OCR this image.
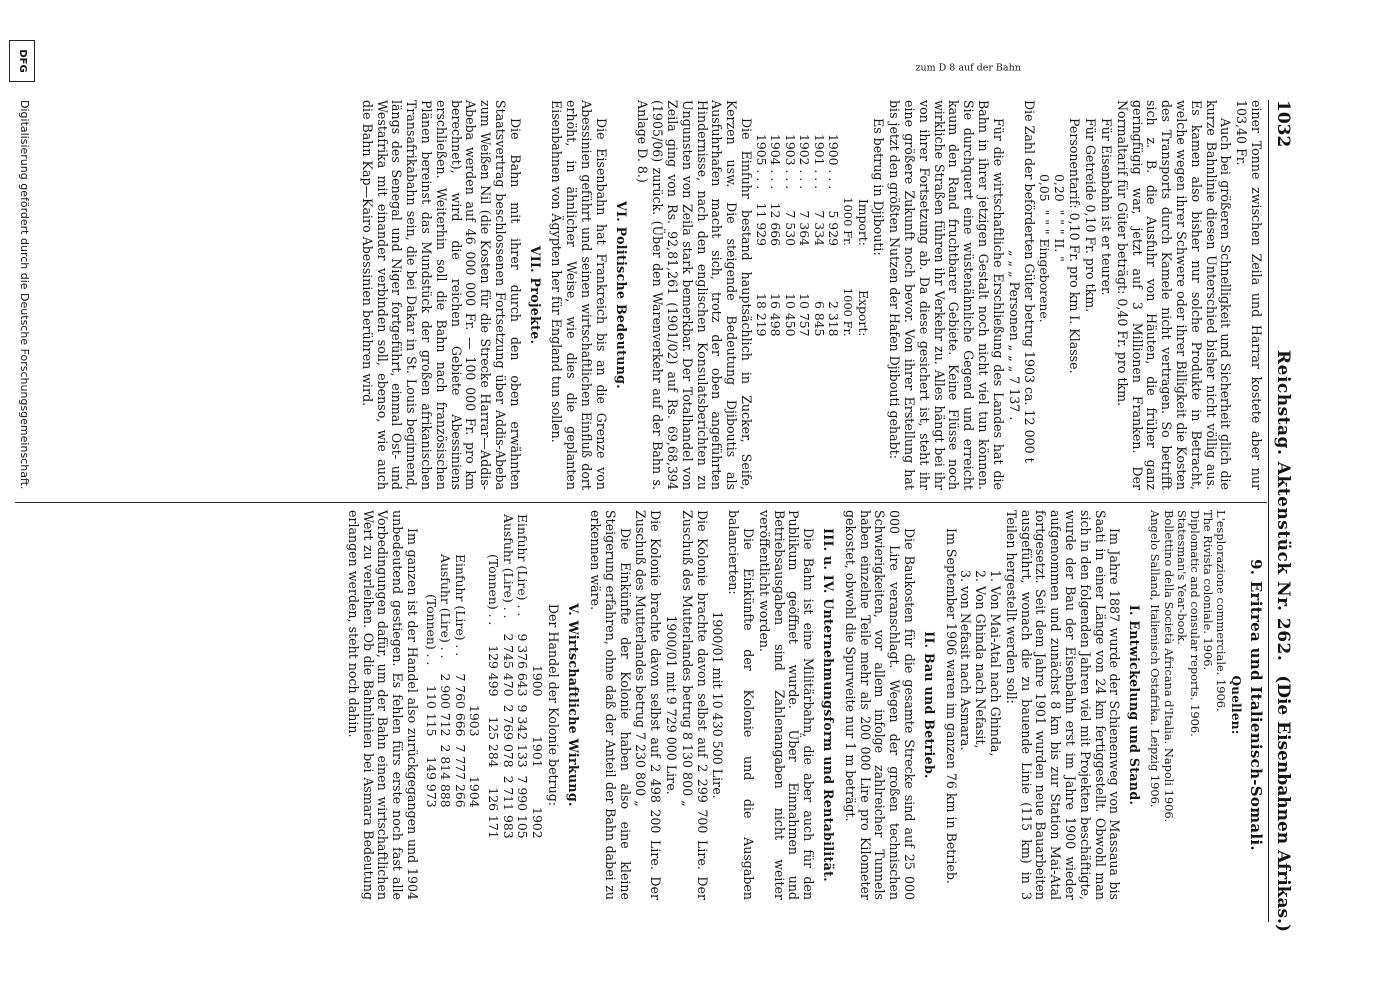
1032
Reichstag. Aktenstück Nr. 262.
(Die Eisenbahnen Afrikas.)
zum D 8 auf der Bahn

einer Tonne zwischen Zeila und Harrar kostete aber nur 103,40 Fr.

Auch bei größeren Schnelligkeit und Sicherheit glich die kurze Bahnlinie diesen Unterschied bisher nicht völlig aus. Es kamen also bisher nur solche Produkte in Betracht, welche wegen ihrer Schwere oder ihrer Billigkeit die Kosten des Transports durch Kamele nicht vertragen. So betrifft sich z. B. die Ausfuhr von Häuten, die früher ganz geringfügig war, jetzt auf 3 Millionen Franken. Der Normaltarif für Güter beträgt: 0,40 Fr. pro tkm.

Für Eisenbahn ist er teurer.

Für Getreide 0,10 Fr. pro tkm.

Personentarif: 0,10 Fr. pro km I. Klasse.

0,20	" " " II. "
0,05	" " " Eingeborene.

Die Zahl der beförderten Güter betrug 1903 ca. 12 000 t

„ „ „ Personen „ „ „ 7 137 .

Für die wirtschaftliche Erschließung des Landes hat die Bahn in ihrer jetzigen Gestalt noch nicht viel tun können. Sie durchquert eine wüstenähnliche Gegend und erreicht kaum den Rand fruchtbarer Gebiete. Keine Flüsse noch wirkliche Straßen führen ihr Verkehr zu. Alles hängt bei ihr von ihrer Fortsetzung ab. Da diese gesichert ist, steht ihr eine größere Zukunft noch bevor. Von ihrer Erstellung hat bis jetzt den größten Nutzen der Hafen Djibouti gehabt:

Es betrug in Djibouti:

	Import:	Export:
	1000 Fr.	1000 Fr.
1900 . . .	5 929	2 318
1901 . . .	7 334	6 845
1902 . . .	7 364	10 757
1903 . . .	7 530	10 450
1904 . . .	12 666	16 498
1905 . . .	11 929	18 219

Die Einfuhr bestand hauptsächlich in Zucker, Seife, Kerzen usw. Die steigende Bedeutung Djiboutis als Ausfuhrhafen macht sich, trotz der oben angeführten Hindernisse, nach den englischen Konsulatsberichten zu Ungunsten von Zeila stark bemerkbar. Der Totalhandel von Zeila ging von Rs. 92,81,261 (1901/02) auf Rs. 69,68,394 (1905/06) zurück. (Über den Warenverkehr auf der Bahn s. Anlage D. 8.)

VI. Politische Bedeutung.

Die Eisenbahn hat Frankreich bis an die Grenze von Abessinien geführt und seinen wirtschaftlichen Einfluß dort erhöht, in ähnlicher Weise, wie dies die geplanten Eisenbahnen von Ägypten her für England tun sollen.

VII. Projekte.

Die Bahn mit ihrer durch den oben erwähnten Staatsvertrag beschlossenen Fortsetzung über Addis-Abeba zum Weißen Nil (die Kosten für die Strecke Harrar—Addis-Abeba werden auf 46 000 000 Fr. — 100 000 Fr. pro km berechnet), wird die reichen Gebiete Abessiniens erschließen. Weiterhin soll die Bahn nach französischen Plänen bereinst das Mundstück der großen afrikanischen Transafrikabahn sein, die bei Dakar in St. Louis beginnend, längs des Senegal und Niger fortgeführt, einmal Ost- und Westafrika mit einander verbinden soll, ebenso, wie auch die Bahn Kap—Kairo Abessinien berühren wird.

9. Eritrea und Italienisch-Somali.
Quellen:

L'esplorazione commerciale. 1906.

The Rivista coloniale. 1906.

Diplomatic and consular reports. 1906.

Statesman's Year-book.

Bollettino della Società Africana d'Italia. Napoli 1906.

Angelo Salland, Italienisch Ostafrika. Leipzig 1906.

I. Entwickelung und Stand.

Im Jahre 1887 wurde der Schienenweg von Massaua bis Saati in einer Länge von 24 km fertiggestellt. Obwohl man sich in den folgenden Jahren viel mit Projekten beschäftigte, wurde der Bau der Eisenbahn erst im Jahre 1900 wieder aufgenommen und zunächst 8 km bis zur Station Mai-Atal fortgesetzt. Seit dem Jahre 1901 wurden neue Bauarbeiten ausgeführt, wonach die zu bauende Linie (115 km) in 3 Teilen hergestellt werden soll:

1. Von Mai-Atal nach Ghinda,

2. Von Ghinda nach Nefasit,

3. von Nefasit nach Asmara.

Im September 1906 waren im ganzen 76 km in Betrieb.

II. Bau und Betrieb.

Die Baukosten für die gesamte Strecke sind auf 25 000 000 Lire veranschlagt. Wegen der großen technischen Schwierigkeiten, vor allem infolge zahlreicher Tunnels haben einzelne Teile mehr als 200 000 Lire pro Kilometer gekostet, obwohl die Spurweite nur 1 m beträgt.

III. u. IV. Unternehmungsform und Rentabilität.

Die Bahn ist eine Militärbahn, die aber auch für den Publikum geöffnet wurde. Über Einnahmen und Betriebsausgaben sind Zahlenangaben nicht weiter veröffentlicht worden.

Die Einkünfte der Kolonie und die Ausgaben balancierten:

1900/01 mit 10 430 500 Lire.

Die Kolonie brachte davon selbst auf 2 299 700 Lire. Der Zuschuß des Mutterlandes betrug 8 130 800 „

1900/01 mit 9 729 000 Lire.

Die Kolonie brachte davon selbst auf 2 498 200 Lire. Der Zuschuß des Mutterlandes betrug 7 230 800 „

Die Einkünfte der Kolonie haben also eine kleine Steigerung erfahren, ohne daß der Anteil der Bahn dabei zu erkennen wäre.

V. Wirtschaftliche Wirkung.

Der Handel der Kolonie betrug:

	1900	1901	1902
Einfuhr (Lire) . .	9 376 643	9 342 133	7 990 105
Ausfuhr (Lire) . .	2 745 470	2 769 078	2 711 983
(Tonnen) . .	129 499	125 284	126 171
	1903	1904
Einfuhr (Lire) . .	7 760 666	7 777 266
Ausfuhr (Lire) . .	2 900 712	2 814 888
(Tonnen) . .	110 115	149 973

Im ganzen ist der Handel also zurückgegangen und 1904 unbedeutend gestiegen. Es fehlen fürs erste noch fast alle Vorbedingungen dafür, um der Bahn einen wirtschaftlichen Wert zu verleihen. Ob die Bahnlinien bei Asmara Bedeutung erlangen werden, steht noch dahin.

DFG
Digitalisierung gefördert durch die Deutsche Forschungsgemeinschaft.
